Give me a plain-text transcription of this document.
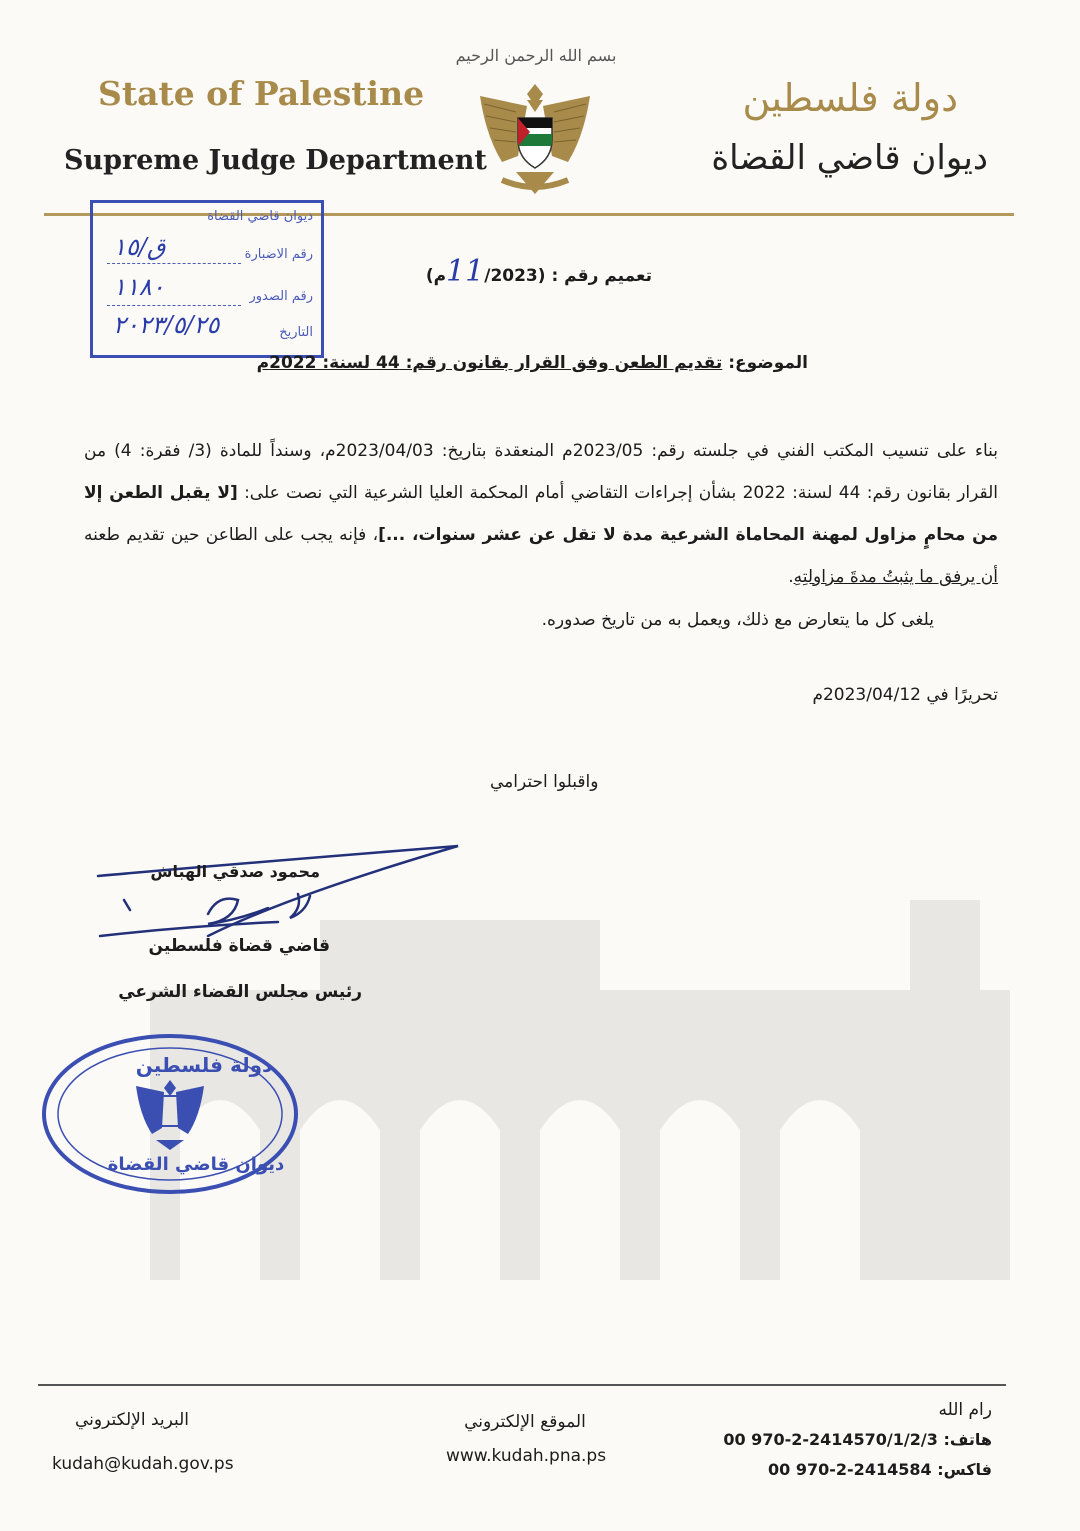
State of Palestine
Supreme Judge Department
بسم الله الرحمن الرحيم
دولة فلسطين
ديوان قاضي القضاة
ديوان قاضي القضاة
رقم الاضبارة
ق/١٥
رقم الصدور
١١٨٠
التاريخ
٢٠٢٣/٥/٢٥
تعميم رقم : (11/2023م)
الموضوع: تقديم الطعن وفق القرار بقانون رقم: 44 لسنة: 2022م
بناء على تنسيب المكتب الفني في جلسته رقم: 2023/05م المنعقدة بتاريخ: 2023/04/03م، وسنداً للمادة (3/ فقرة: 4) من القرار بقانون رقم: 44 لسنة: 2022 بشأن إجراءات التقاضي أمام المحكمة العليا الشرعية التي نصت على: [لا يقبل الطعن إلا من محامٍ مزاول لمهنة المحاماة الشرعية مدة لا تقل عن عشر سنوات، ...]، فإنه يجب على الطاعن حين تقديم طعنه أن يرفق ما يثبتُ مدةَ مزاولتِهِ.
يلغى كل ما يتعارض مع ذلك، ويعمل به من تاريخ صدوره.
تحريرًا في 2023/04/12م
واقبلوا احترامي
محمود صدقي الهباش
قاضي قضاة فلسطين
رئيس مجلس القضاء الشرعي
دولة فلسطين
ديوان قاضي القضاة
البريد الإلكتروني
kudah@kudah.gov.ps
الموقع الإلكتروني
www.kudah.pna.ps
رام الله
هاتف: 00 970-2-2414570/1/2/3
فاكس: 00 970-2-2414584
